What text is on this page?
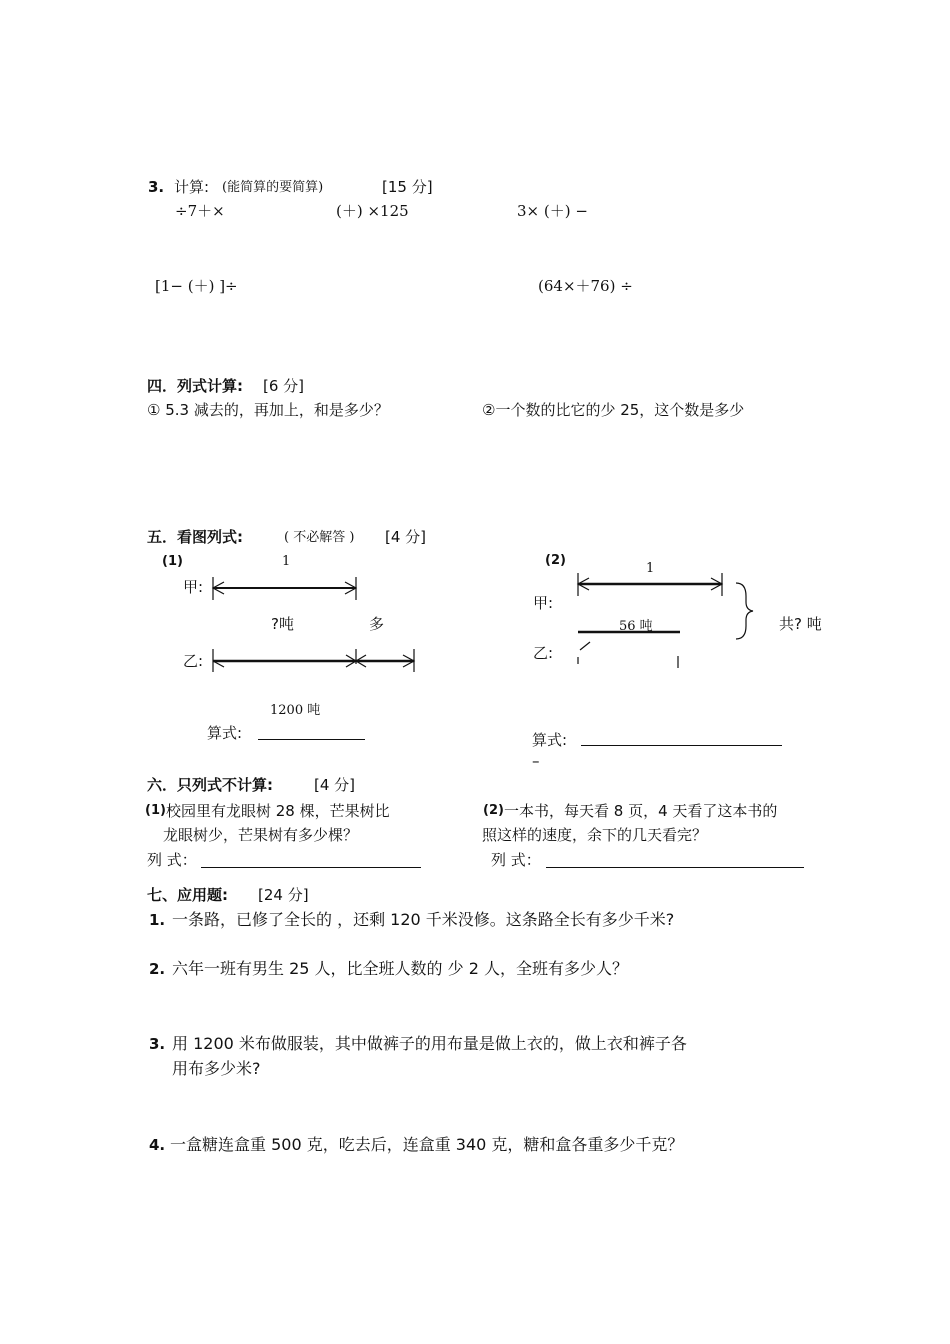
3. 计算: (能简算的要简算)	[15 分]
÷7＋×	(＋) ×125	3× (＋) −
[1− (＋) ]÷	(64×＋76) ÷
四．列式计算: [6 分]
① 5.3 减去的，再加上，和是多少？	②一个数的比它的少 25，这个数是多少
五．看图列式:	( 不必解答 ) [4 分]
(1)	1
甲:
?吨	多
乙:
1200 吨
算式:
(2)
1
甲:
56 吨	共? 吨
乙:
算式:
–
六．只列式不计算:	[4 分]
(1) 校园里有龙眼树 28 棵，芒果树比
龙眼树少，芒果树有多少棵？
列 式：
(2) 一本书，每天看 8 页，4 天看了这本书的
照这样的速度，余下的几天看完？
列 式：
七、应用题: [24 分]
1. 一条路，已修了全长的 ，还剩 120 千米没修。这条路全长有多少千米?
2. 六年一班有男生 25 人，比全班人数的 少 2 人，全班有多少人？
3. 用 1200 米布做服装，其中做裤子的用布量是做上衣的，做上衣和裤子各
用布多少米?
4. 一盒糖连盒重 500 克，吃去后，连盒重 340 克，糖和盒各重多少千克？
